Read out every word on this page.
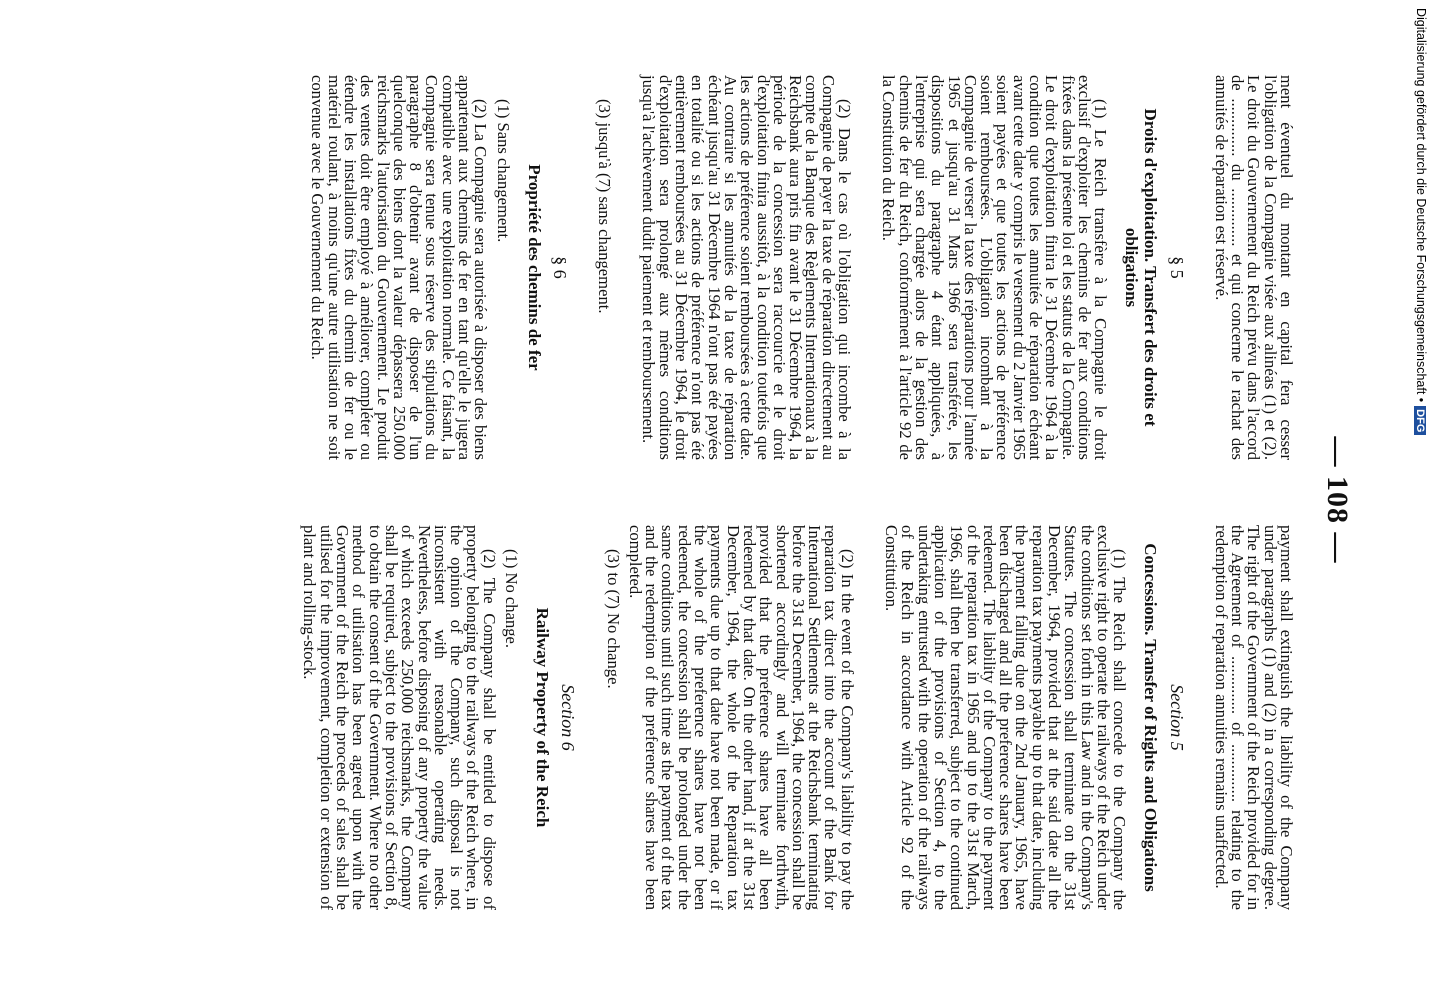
— 108 —

ment éventuel du montant en capital fera cesser l'obligation de la Compagnie visée aux alinéas (1) et (2). Le droit du Gouvernement du Reich prévu dans l'accord de .............. du .............. et qui concerne le rachat des annuités de réparation est réservé.

§ 5
Droits d'exploitation. Transfert des droits et obligations

(1) Le Reich transfère à la Compagnie le droit exclusif d'exploiter les chemins de fer aux conditions fixées dans la présente loi et les statuts de la Compagnie. Le droit d'exploitation finira le 31 Décembre 1964 à la condition que toutes les annuités de réparation échéant avant cette date y compris le versement du 2 Janvier 1965 soient payées et que toutes les actions de préférence soient remboursées. L'obligation incombant à la Compagnie de verser la taxe des réparations pour l'année 1965 et jusqu'au 31 Mars 1966 sera transférée, les dispositions du paragraphe 4 étant appliquées, à l'entreprise qui sera chargée alors de la gestion des chemins de fer du Reich, conformément à l'article 92 de la Constitution du Reich.

(2) Dans le cas où l'obligation qui incombe à la Compagnie de payer la taxe de réparation directement au compte de la Banque des Règlements Internationaux à la Reichsbank aura pris fin avant le 31 Décembre 1964, la période de la concession sera raccourcie et le droit d'exploitation finira aussitôt, à la condition toutefois que les actions de préférence soient remboursées à cette date. Au contraire si les annuités de la taxe de réparation échéant jusqu'au 31 Décembre 1964 n'ont pas été payées en totalité ou si les actions de préférence n'ont pas été entièrement remboursées au 31 Décembre 1964, le droit d'exploitation sera prolongé aux mêmes conditions jusqu'à l'achèvement dudit paiement et remboursement.

(3) jusqu'à (7) sans changement.

§ 6
Propriété des chemins de fer

(1) Sans changement.

(2) La Compagnie sera autorisée à disposer des biens appartenant aux chemins de fer en tant qu'elle le jugera compatible avec une exploitation normale. Ce faisant, la Compagnie sera tenue sous réserve des stipulations du paragraphe 8 d'obtenir avant de disposer de l'un quelconque des biens dont la valeur dépassera 250.000 reichsmarks l'autorisation du Gouvernement. Le produit des ventes doit être employé à améliorer, compléter ou étendre les installations fixes du chemin de fer ou le matériel roulant, à moins qu'une autre utilisation ne soit convenue avec le Gouvernement du Reich.

payment shall extinguish the liability of the Company under paragraphs (1) and (2) in a corresponding degree. The right of the Government of the Reich provided for in the Agreement of .............. of .............. relating to the redemption of reparation annuities remains unaffected.

Section 5
Concessions. Transfer of Rights and Obligations

(1) The Reich shall concede to the Company the exclusive right to operate the railways of the Reich under the conditions set forth in this Law and in the Company's Statutes. The concession shall terminate on the 31st December, 1964, provided that at the said date all the reparation tax payments payable up to that date, including the payment falling due on the 2nd January, 1965, have been discharged and all the preference shares have been redeemed. The liability of the Company to the payment of the reparation tax in 1965 and up to the 31st March, 1966, shall then be transferred, subject to the continued application of the provisions of Section 4, to the undertaking entrusted with the operation of the railways of the Reich in accordance with Article 92 of the Constitution.

(2) In the event of the Company's liability to pay the reparation tax direct into the account of the Bank for International Settlements at the Reichsbank terminating before the 31st December, 1964, the concession shall be shortened accordingly and will terminate forthwith, provided that the preference shares have all been redeemed by that date. On the other hand, if at the 31st December, 1964, the whole of the Reparation tax payments due up to that date have not been made, or if the whole of the preference shares have not been redeemed, the concession shall be prolonged under the same conditions until such time as the payment of the tax and the redemption of the preference shares have been completed.

(3) to (7) No change.

Section 6
Railway Property of the Reich

(1) No change.

(2) The Company shall be entitled to dispose of property belonging to the railways of the Reich where, in the opinion of the Company, such disposal is not inconsistent with reasonable operating needs. Nevertheless, before disposing of any property the value of which exceeds 250,000 reichsmarks, the Company shall be required, subject to the provisions of Section 8, to obtain the consent of the Government. Where no other method of utilisation has been agreed upon with the Government of the Reich the proceeds of sales shall be utilised for the improvement, completion or extension of plant and rolling-stock.

Digitalisierung gefördert durch die Deutsche Forschungsgemeinschaft •DFG
